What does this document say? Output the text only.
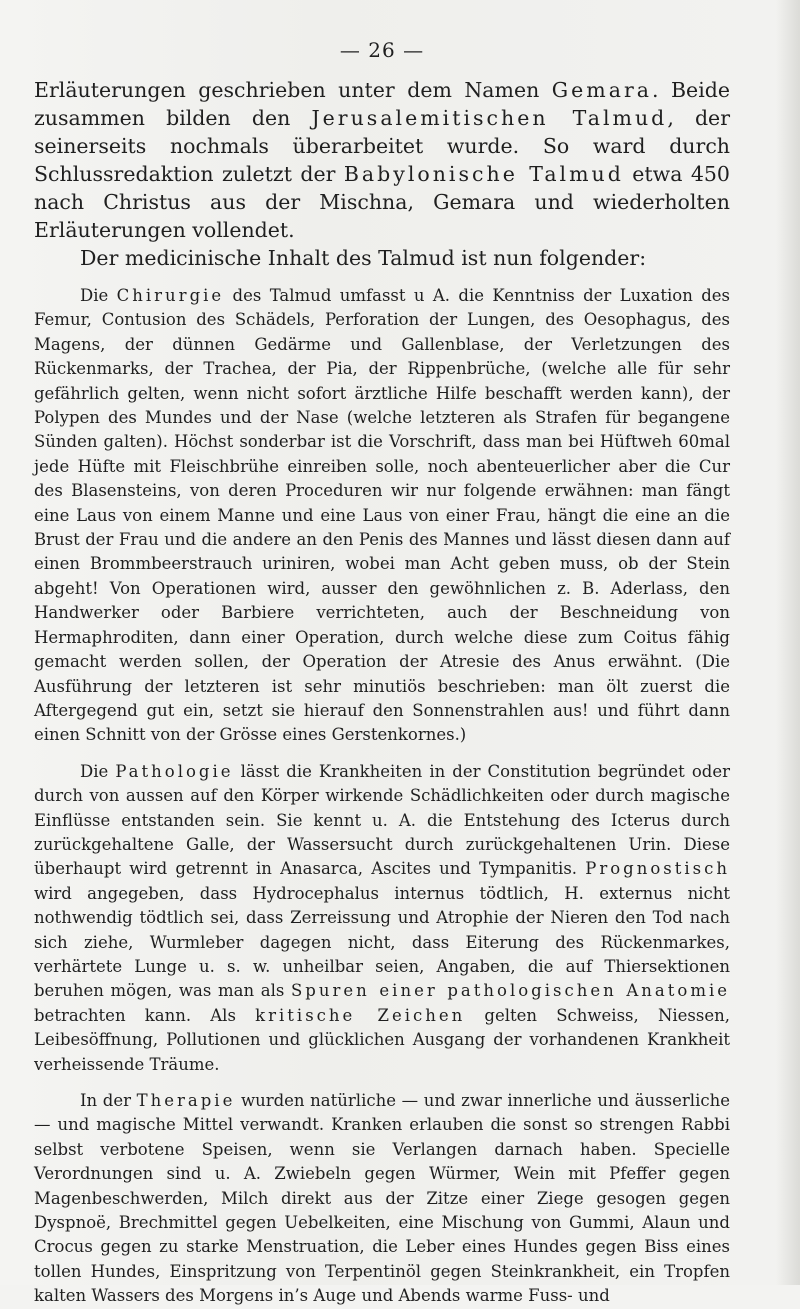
— 26 —

Erläuterungen geschrieben unter dem Namen Gemara. Beide zusammen bilden den Jerusalemitischen Talmud, der seinerseits nochmals überarbeitet wurde. So ward durch Schlussredaktion zuletzt der Babylonische Talmud etwa 450 nach Christus aus der Mischna, Gemara und wiederholten Erläuterungen vollendet.

Der medicinische Inhalt des Talmud ist nun folgender:

Die Chirurgie des Talmud umfasst u A. die Kenntniss der Luxation des Femur, Contusion des Schädels, Perforation der Lungen, des Oesophagus, des Magens, der dünnen Gedärme und Gallenblase, der Verletzungen des Rückenmarks, der Trachea, der Pia, der Rippenbrüche, (welche alle für sehr gefährlich gelten, wenn nicht sofort ärztliche Hilfe beschafft werden kann), der Polypen des Mundes und der Nase (welche letzteren als Strafen für begangene Sünden galten). Höchst sonderbar ist die Vorschrift, dass man bei Hüftweh 60mal jede Hüfte mit Fleischbrühe einreiben solle, noch abenteuerlicher aber die Cur des Blasensteins, von deren Proceduren wir nur folgende erwähnen: man fängt eine Laus von einem Manne und eine Laus von einer Frau, hängt die eine an die Brust der Frau und die andere an den Penis des Mannes und lässt diesen dann auf einen Brommbeerstrauch uriniren, wobei man Acht geben muss, ob der Stein abgeht! Von Operationen wird, ausser den gewöhnlichen z. B. Aderlass, den Handwerker oder Barbiere verrichteten, auch der Beschneidung von Hermaphroditen, dann einer Operation, durch welche diese zum Coitus fähig gemacht werden sollen, der Operation der Atresie des Anus erwähnt. (Die Ausführung der letzteren ist sehr minutiös beschrieben: man ölt zuerst die Aftergegend gut ein, setzt sie hierauf den Sonnenstrahlen aus! und führt dann einen Schnitt von der Grösse eines Gerstenkornes.)

Die Pathologie lässt die Krankheiten in der Constitution begründet oder durch von aussen auf den Körper wirkende Schädlichkeiten oder durch magische Einflüsse entstanden sein. Sie kennt u. A. die Entstehung des Icterus durch zurückgehaltene Galle, der Wassersucht durch zurückgehaltenen Urin. Diese überhaupt wird getrennt in Anasarca, Ascites und Tympanitis. Prognostisch wird angegeben, dass Hydrocephalus internus tödtlich, H. externus nicht nothwendig tödtlich sei, dass Zerreissung und Atrophie der Nieren den Tod nach sich ziehe, Wurmleber dagegen nicht, dass Eiterung des Rückenmarkes, verhärtete Lunge u. s. w. unheilbar seien, Angaben, die auf Thiersektionen beruhen mögen, was man als Spuren einer pathologischen Anatomie betrachten kann. Als kritische Zeichen gelten Schweiss, Niessen, Leibesöffnung, Pollutionen und glücklichen Ausgang der vorhandenen Krankheit verheissende Träume.

In der Therapie wurden natürliche — und zwar innerliche und äusserliche — und magische Mittel verwandt. Kranken erlauben die sonst so strengen Rabbi selbst verbotene Speisen, wenn sie Verlangen darnach haben. Specielle Verordnungen sind u. A. Zwiebeln gegen Würmer, Wein mit Pfeffer gegen Magenbeschwerden, Milch direkt aus der Zitze einer Ziege gesogen gegen Dyspnoë, Brechmittel gegen Uebelkeiten, eine Mischung von Gummi, Alaun und Crocus gegen zu starke Menstruation, die Leber eines Hundes gegen Biss eines tollen Hundes, Einspritzung von Terpentinöl gegen Steinkrankheit, ein Tropfen kalten Wassers des Morgens in’s Auge und Abends warme Fuss- und
